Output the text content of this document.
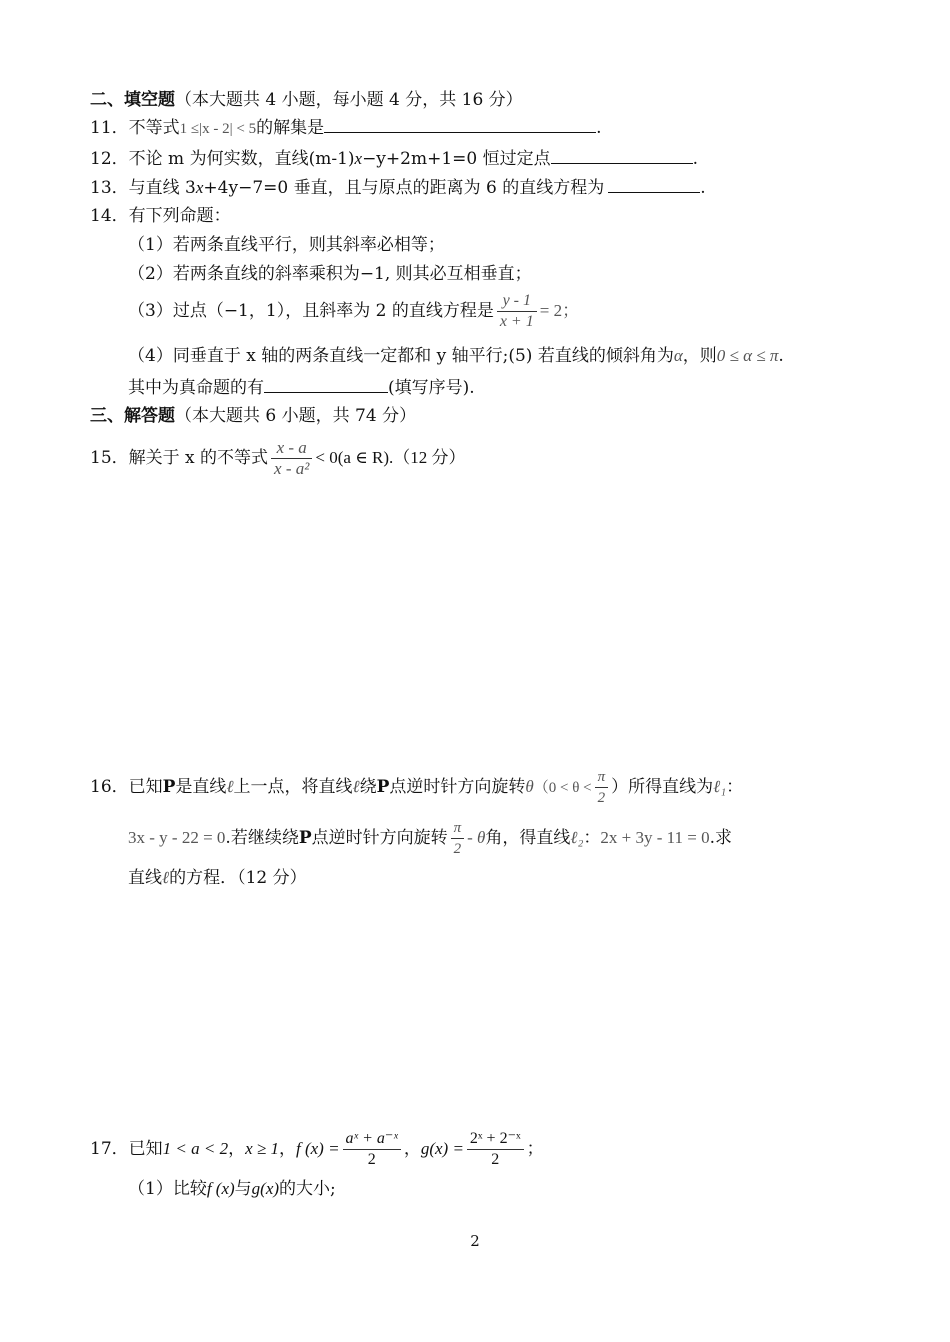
二、填空题（本大题共 4 小题，每小题 4 分，共 16 分）
11．不等式1 ≤|x - 2| < 5的解集是	.
12．不论 m 为何实数，直线(m-1)x−y+2m+1=0 恒过定点	.
13．与直线 3x+4y−7=0 垂直，且与原点的距离为 6 的直线方程为	.
14．有下列命题：
（1）若两条直线平行，则其斜率必相等；
（2）若两条直线的斜率乘积为−1, 则其必互相垂直；
（3）过点（−1，1），且斜率为 2 的直线方程是 $\frac{y - 1}{x + 1} = 2$；
（4）同垂直于 x 轴的两条直线一定都和 y 轴平行;(5) 若直线的倾斜角为α，则0 ≤ α ≤ π.
其中为真命题的有	(填写序号).
三、解答题（本大题共 6 小题，共 74 分）
15．解关于 x 的不等式 $\frac{x - a}{\text{x - a²}} < 0(a$ ∈ R).（12 分）
16．已知P是直线ℓ上一点，将直线ℓ绕P点逆时针方向旋转$\theta(0 < \theta < \frac{\pi}{2}$ ）所得直线为ℓ₁：
3x - y - 22 = 0.若继续绕P点逆时针方向旋转 $\frac{\pi}{2}$ - θ角，得直线ℓ₂：2x + 3y - 11 = 0.求
直线ℓ的方程．（12 分）
17．已知1 < a < 2，x ≥ 1，f $(x) = \frac{\text{aˣ + a⁻ˣ}}{2}$ ，$g(x) = \frac{\text{2ˣ + 2⁻ˣ}}{2}$ ；
（1）比较f (x)与g(x)的大小;
2
